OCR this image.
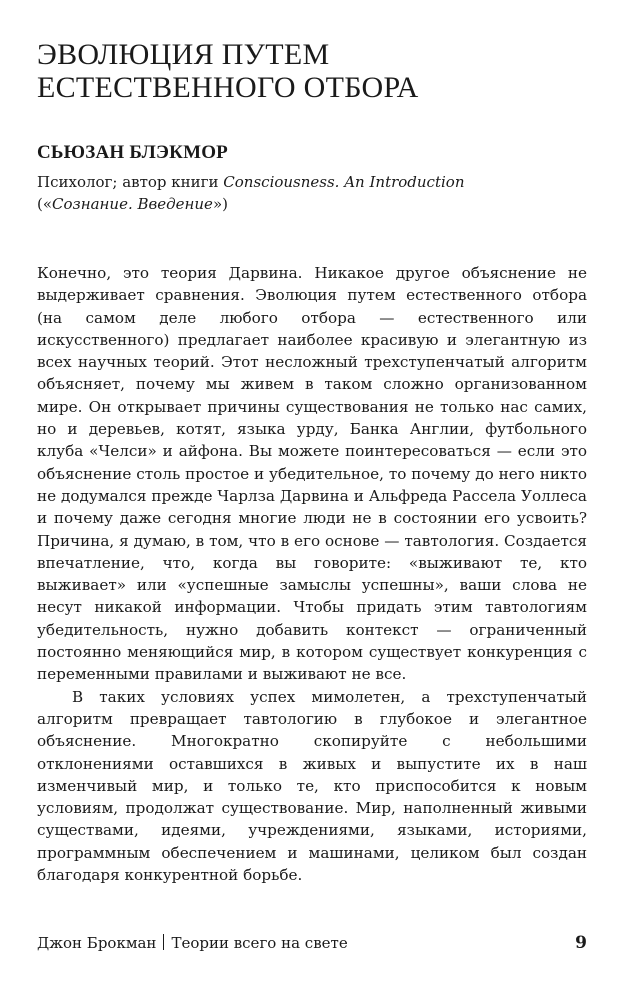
ЭВОЛЮЦИЯ ПУТЕМ
ЕСТЕСТВЕННОГО ОТБОРА
СЬЮЗАН БЛЭКМОР

Психолог; автор книги Consciousness. An Introduction
(«Сознание. Введение»)

Конечно, это теория Дарвина. Никакое другое объяснение не выдерживает сравнения. Эволюция путем естественного отбора (на самом деле любого отбора — естественного или искусственного) предлагает наиболее красивую и элегантную из всех научных теорий. Этот несложный трехступенчатый алгоритм объясняет, почему мы живем в таком сложно организованном мире. Он открывает причины существования не только нас самих, но и деревьев, котят, языка урду, Банка Англии, футбольного клуба «Челси» и айфона. Вы можете поинтересоваться — если это объяснение столь простое и убедительное, то почему до него никто не додумался прежде Чарлза Дарвина и Альфреда Рассела Уоллеса и почему даже сегодня многие люди не в состоянии его усвоить? Причина, я думаю, в том, что в его основе — тавтология. Создается впечатление, что, когда вы говорите: «выживают те, кто выживает» или «успешные замыслы успешны», ваши слова не несут никакой информации. Чтобы придать этим тавтологиям убедительность, нужно добавить контекст — ограниченный постоянно меняющийся мир, в котором существует конкуренция с переменными правилами и выживают не все.

В таких условиях успех мимолетен, а трехступенчатый алгоритм превращает тавтологию в глубокое и элегантное объяснение. Многократно скопируйте с небольшими отклонениями оставшихся в живых и выпустите их в наш изменчивый мир, и только те, кто приспособится к новым условиям, продолжат существование. Мир, наполненный живыми существами, идеями, учреждениями, языками, историями, программным обеспечением и машинами, целиком был создан благодаря конкурентной борьбе.

Джон Брокман Теории всего на свете	9
